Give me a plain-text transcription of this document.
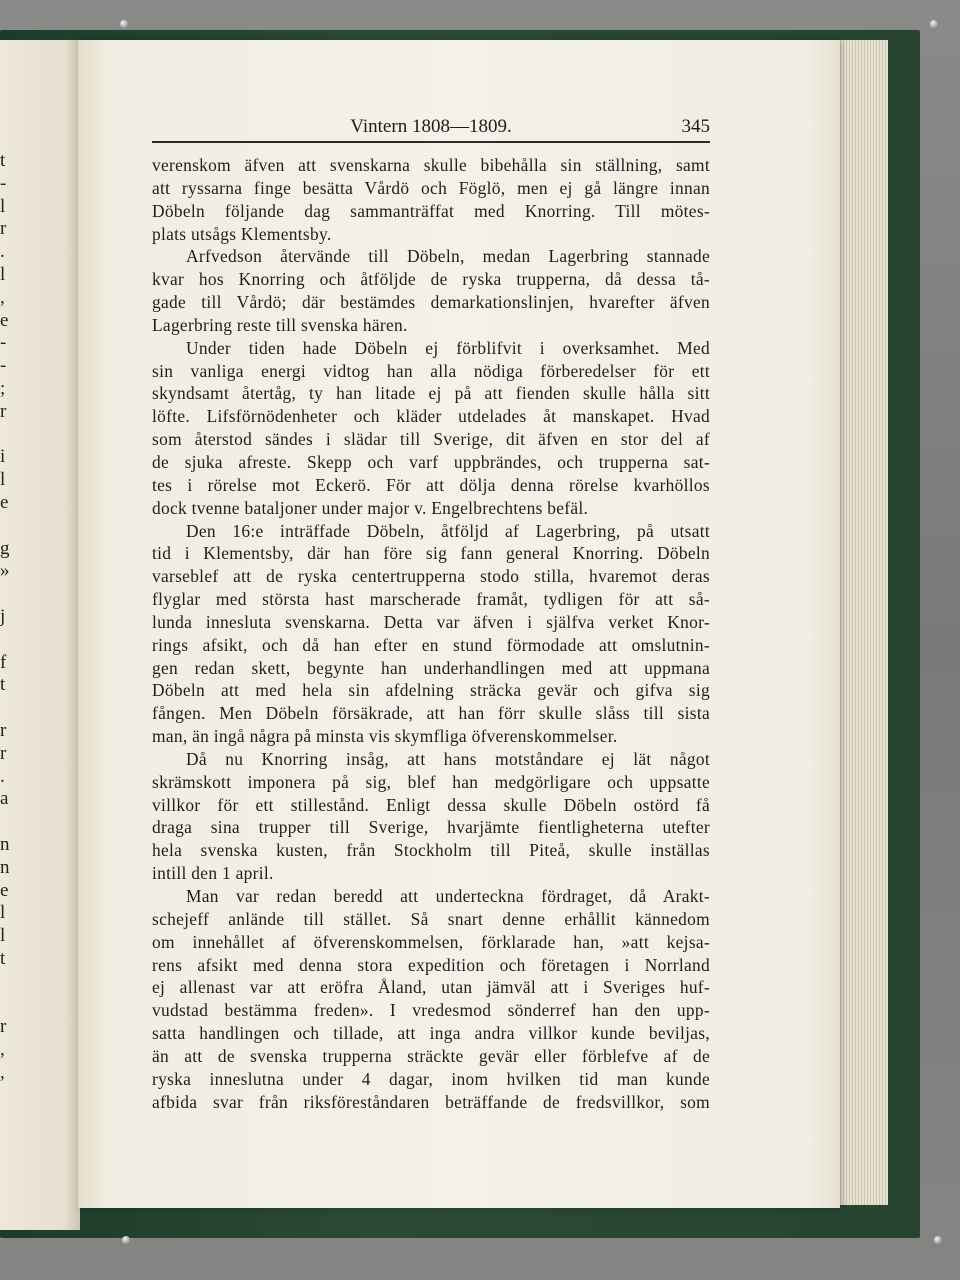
t
-
l
r
.
l
,
e
-
-
;
r
i
l
e
g
»
j
f
t
r
r
.
a
n
n
e
l
l
t
r
,
,
Vintern 1808—1809.	345
verenskom äfven att svenskarna skulle bibehålla sin ställning, samt
att ryssarna finge besätta Vårdö och Föglö, men ej gå längre innan
Döbeln följande dag sammanträffat med Knorring. Till mötes-
plats utsågs Klementsby.
Arfvedson återvände till Döbeln, medan Lagerbring stannade
kvar hos Knorring och åtföljde de ryska trupperna, då dessa tå-
gade till Vårdö; där bestämdes demarkationslinjen, hvarefter äfven
Lagerbring reste till svenska hären.
Under tiden hade Döbeln ej förblifvit i overksamhet. Med
sin vanliga energi vidtog han alla nödiga förberedelser för ett
skyndsamt återtåg, ty han litade ej på att fienden skulle hålla sitt
löfte. Lifsförnödenheter och kläder utdelades åt manskapet. Hvad
som återstod sändes i slädar till Sverige, dit äfven en stor del af
de sjuka afreste. Skepp och varf uppbrändes, och trupperna sat-
tes i rörelse mot Eckerö. För att dölja denna rörelse kvarhöllos
dock tvenne bataljoner under major v. Engelbrechtens befäl.
Den 16:e inträffade Döbeln, åtföljd af Lagerbring, på utsatt
tid i Klementsby, där han före sig fann general Knorring. Döbeln
varseblef att de ryska centertrupperna stodo stilla, hvaremot deras
flyglar med största hast marscherade framåt, tydligen för att så-
lunda innesluta svenskarna. Detta var äfven i själfva verket Knor-
rings afsikt, och då han efter en stund förmodade att omslutnin-
gen redan skett, begynte han underhandlingen med att uppmana
Döbeln att med hela sin afdelning sträcka gevär och gifva sig
fången. Men Döbeln försäkrade, att han förr skulle slåss till sista
man, än ingå några på minsta vis skymfliga öfverenskommelser.
Då nu Knorring insåg, att hans motståndare ej lät något
skrämskott imponera på sig, blef han medgörligare och uppsatte
villkor för ett stillestånd. Enligt dessa skulle Döbeln ostörd få
draga sina trupper till Sverige, hvarjämte fientligheterna utefter
hela svenska kusten, från Stockholm till Piteå, skulle inställas
intill den 1 april.
Man var redan beredd att underteckna fördraget, då Arakt-
schejeff anlände till stället. Så snart denne erhållit kännedom
om innehållet af öfverenskommelsen, förklarade han, »att kejsa-
rens afsikt med denna stora expedition och företagen i Norrland
ej allenast var att eröfra Åland, utan jämväl att i Sveriges huf-
vudstad bestämma freden». I vredesmod sönderref han den upp-
satta handlingen och tillade, att inga andra villkor kunde beviljas,
än att de svenska trupperna sträckte gevär eller förblefve af de
ryska inneslutna under 4 dagar, inom hvilken tid man kunde
afbida svar från riksföreståndaren beträffande de fredsvillkor, som
